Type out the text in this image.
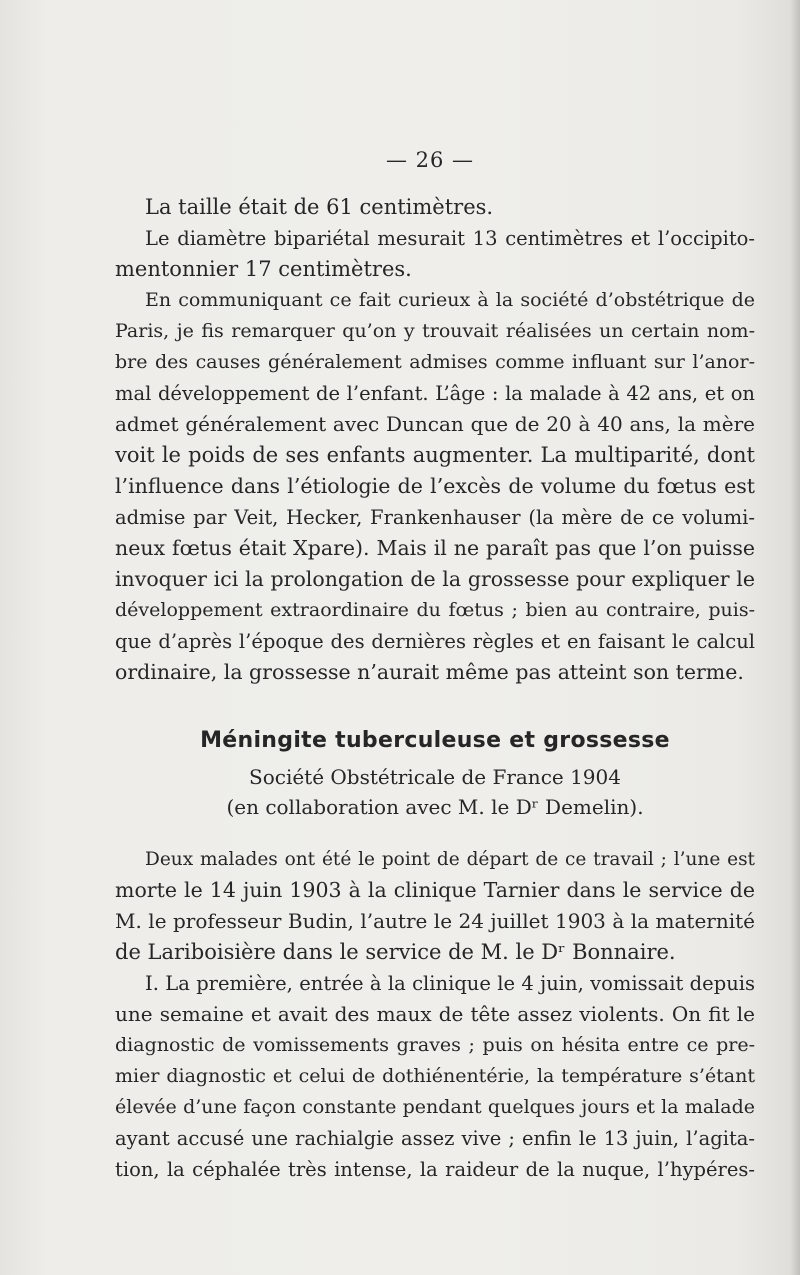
— 26 —
La taille était de 61 centimètres.
Le diamètre bipariétal mesurait 13 centimètres et l’occipito-
mentonnier 17 centimètres.
En communiquant ce fait curieux à la société d’obstétrique de
Paris, je fis remarquer qu’on y trouvait réalisées un certain nom-
bre des causes généralement admises comme influant sur l’anor-
mal développement de l’enfant. L’âge : la malade à 42 ans, et on
admet généralement avec Duncan que de 20 à 40 ans, la mère
voit le poids de ses enfants augmenter. La multiparité, dont
l’influence dans l’étiologie de l’excès de volume du fœtus est
admise par Veit, Hecker, Frankenhauser (la mère de ce volumi-
neux fœtus était Xpare). Mais il ne paraît pas que l’on puisse
invoquer ici la prolongation de la grossesse pour expliquer le
développement extraordinaire du fœtus ; bien au contraire, puis-
que d’après l’époque des dernières règles et en faisant le calcul
ordinaire, la grossesse n’aurait même pas atteint son terme.
Méningite tuberculeuse et grossesse
Société Obstétricale de France 1904
(en collaboration avec M. le Dʳ Demelin).
Deux malades ont été le point de départ de ce travail ; l’une est
morte le 14 juin 1903 à la clinique Tarnier dans le service de
M. le professeur Budin, l’autre le 24 juillet 1903 à la maternité
de Lariboisière dans le service de M. le Dʳ Bonnaire.
I. La première, entrée à la clinique le 4 juin, vomissait depuis
une semaine et avait des maux de tête assez violents. On fit le
diagnostic de vomissements graves ; puis on hésita entre ce pre-
mier diagnostic et celui de dothiénentérie, la température s’étant
élevée d’une façon constante pendant quelques jours et la malade
ayant accusé une rachialgie assez vive ; enfin le 13 juin, l’agita-
tion, la céphalée très intense, la raideur de la nuque, l’hypéres-
